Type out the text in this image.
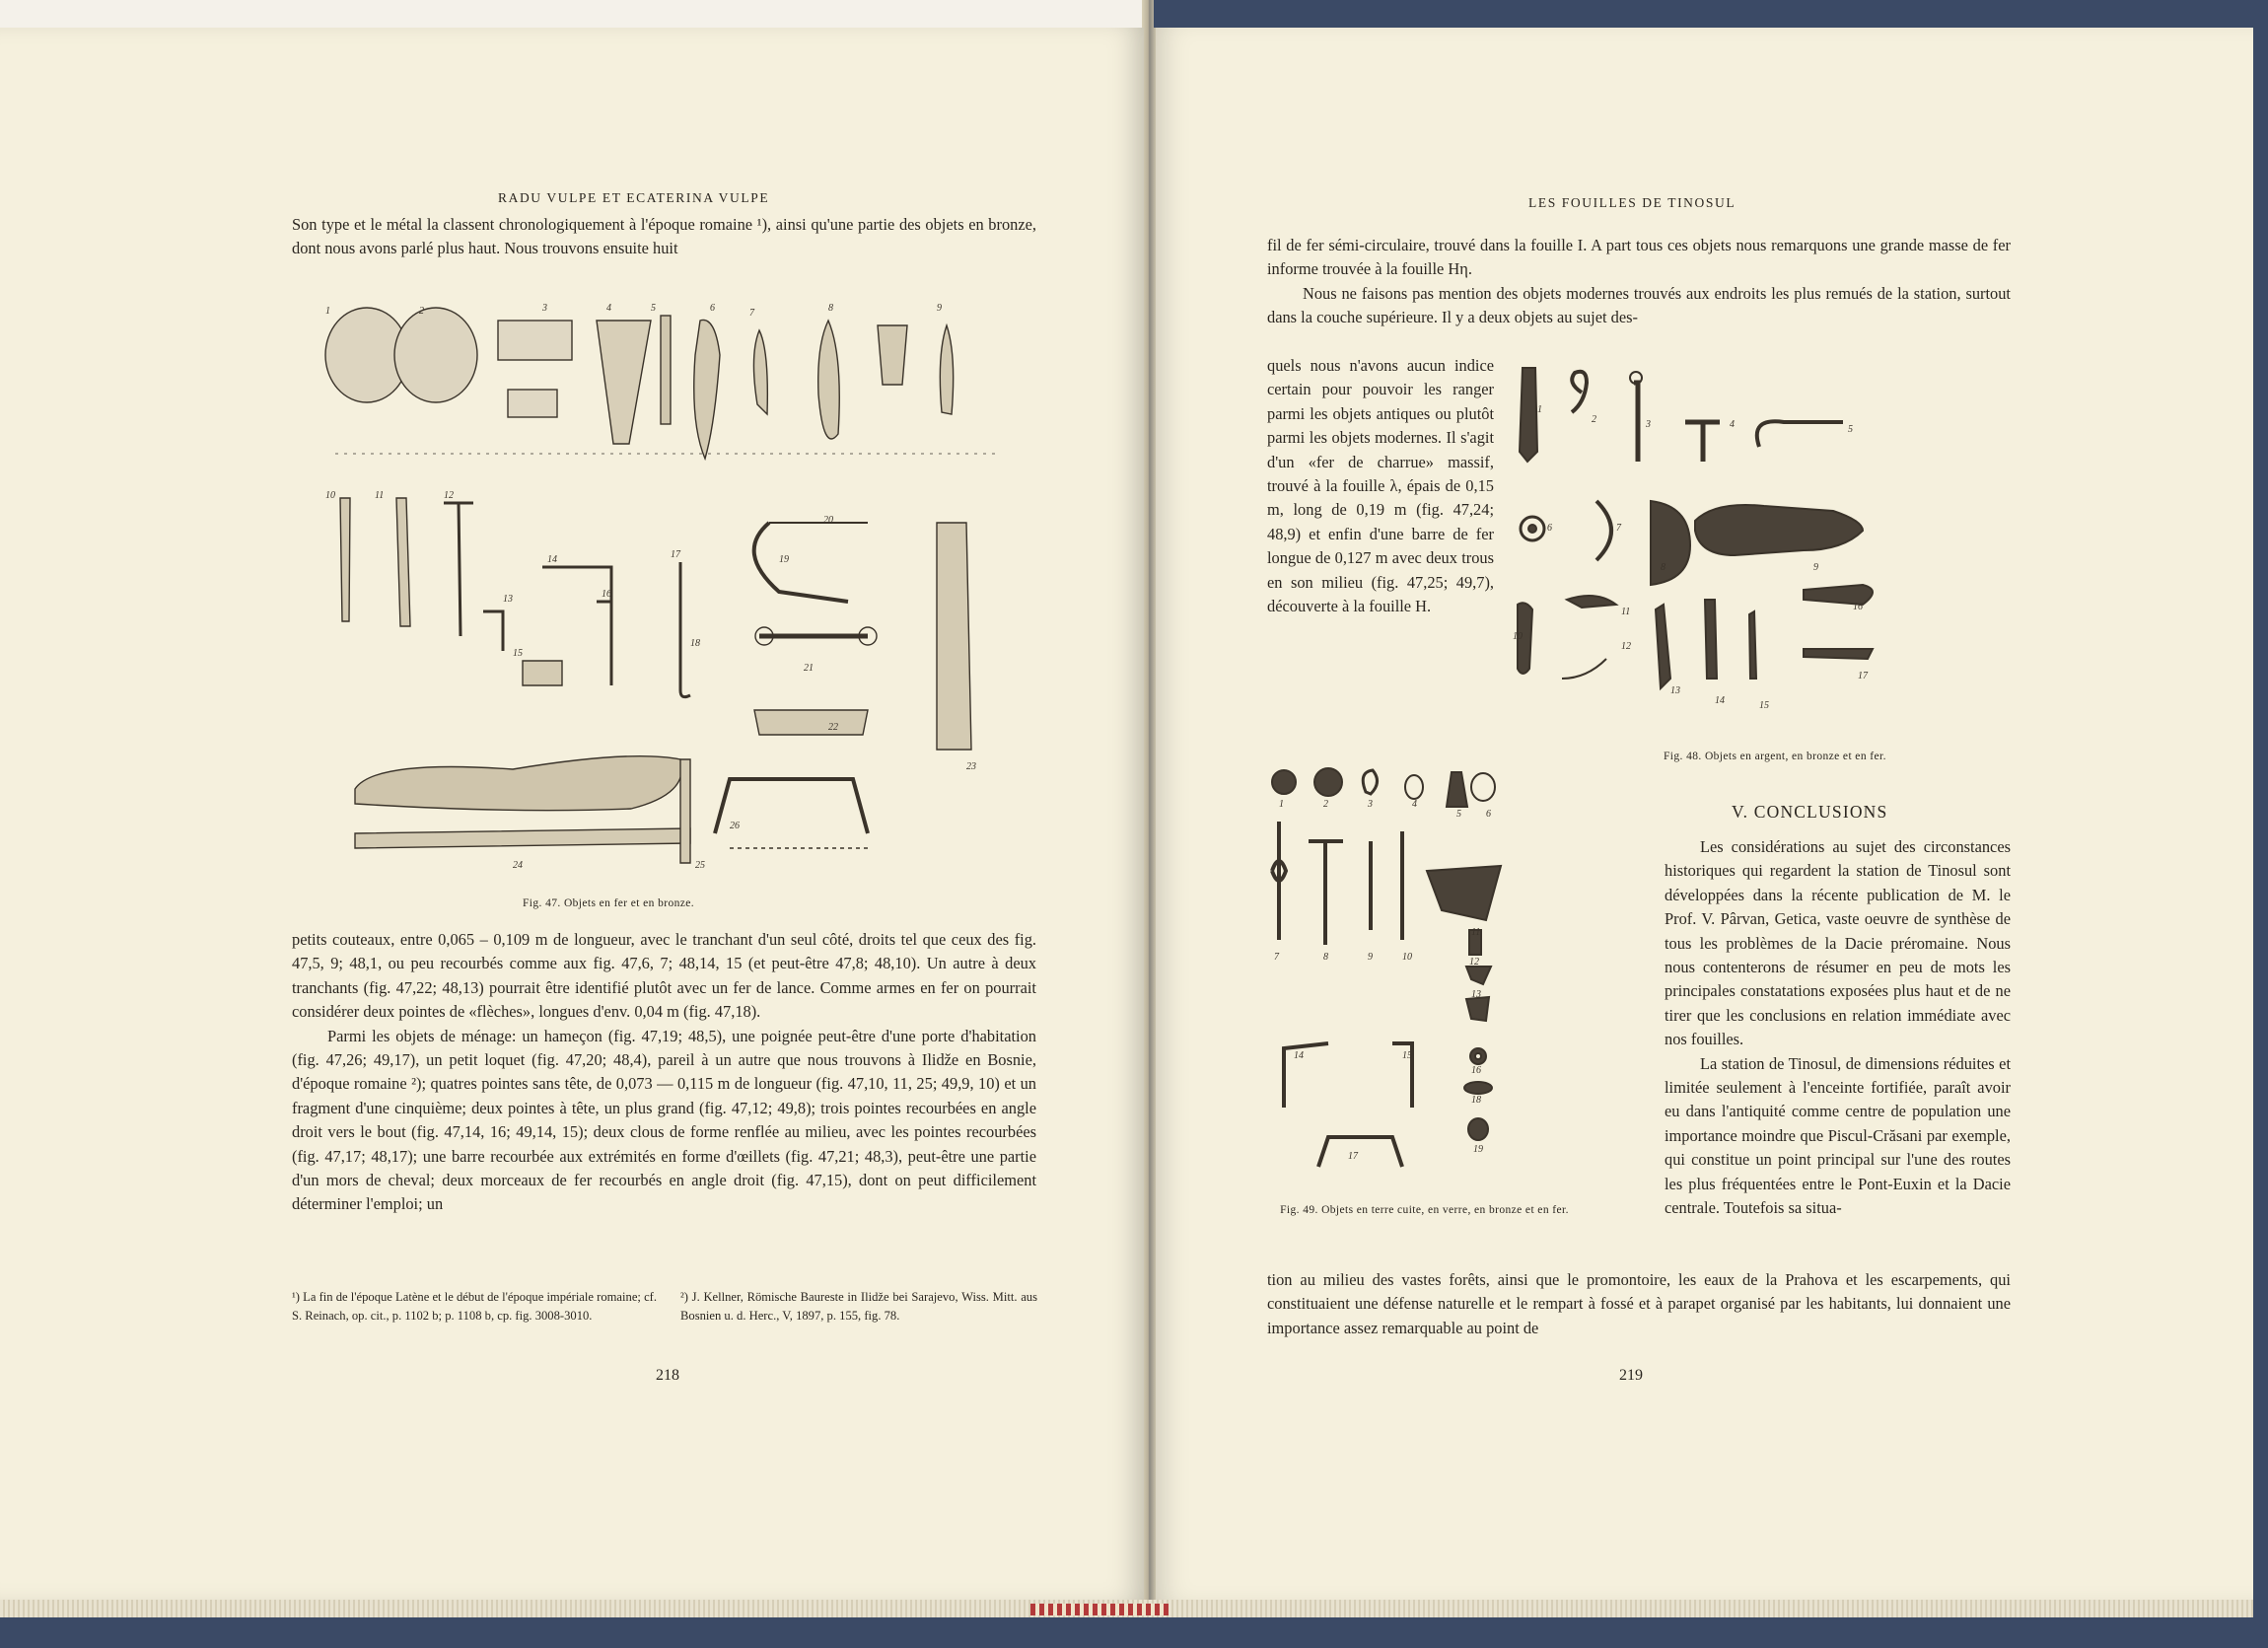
RADU VULPE ET ECATERINA VULPE

Son type et le métal la classent chronologiquement à l'époque romaine ¹), ainsi qu'une partie des objets en bronze, dont nous avons parlé plus haut. Nous trouvons ensuite huit

1	2	3	4	5	6	7	8	9
10	11	12
13
14
15
16
17
18
19
20
21
22
23
24	25
26
Fig. 47. Objets en fer et en bronze.

petits couteaux, entre 0,065 – 0,109 m de longueur, avec le tranchant d'un seul côté, droits tel que ceux des fig. 47,5, 9; 48,1, ou peu recourbés comme aux fig. 47,6, 7; 48,14, 15 (et peut-être 47,8; 48,10). Un autre à deux tranchants (fig. 47,22; 48,13) pourrait être identifié plutôt avec un fer de lance. Comme armes en fer on pourrait considérer deux pointes de «flèches», longues d'env. 0,04 m (fig. 47,18).

Parmi les objets de ménage: un hameçon (fig. 47,19; 48,5), une poignée peut-être d'une porte d'habitation (fig. 47,26; 49,17), un petit loquet (fig. 47,20; 48,4), pareil à un autre que nous trouvons à Ilidže en Bosnie, d'époque romaine ²); quatres pointes sans tête, de 0,073 — 0,115 m de longueur (fig. 47,10, 11, 25; 49,9, 10) et un fragment d'une cinquième; deux pointes à tête, un plus grand (fig. 47,12; 49,8); trois pointes recourbées en angle droit vers le bout (fig. 47,14, 16; 49,14, 15); deux clous de forme renflée au milieu, avec les pointes recourbées (fig. 47,17; 48,17); une barre recourbée aux extrémités en forme d'œillets (fig. 47,21; 48,3), peut-être une partie d'un mors de cheval; deux morceaux de fer recourbés en angle droit (fig. 47,15), dont on peut difficilement déterminer l'emploi; un

¹) La fin de l'époque Latène et le début de l'époque impériale romaine; cf. S. Reinach, op. cit., p. 1102 b; p. 1108 b, cp. fig. 3008-3010.
²) J. Kellner, Römische Baureste in Ilidže bei Sarajevo, Wiss. Mitt. aus Bosnien u. d. Herc., V, 1897, p. 155, fig. 78.
218
LES FOUILLES DE TINOSUL

fil de fer sémi-circulaire, trouvé dans la fouille I. A part tous ces objets nous remarquons une grande masse de fer informe trouvée à la fouille Hη.

Nous ne faisons pas mention des objets modernes trouvés aux endroits les plus remués de la station, surtout dans la couche supérieure. Il y a deux objets au sujet des-

quels nous n'avons aucun indice certain pour pouvoir les ranger parmi les objets antiques ou plutôt parmi les objets modernes. Il s'agit d'un «fer de charrue» massif, trouvé à la fouille λ, épais de 0,15 m, long de 0,19 m (fig. 47,24; 48,9) et enfin d'une barre de fer longue de 0,127 m avec deux trous en son milieu (fig. 47,25; 49,7), découverte à la fouille H.

1
2	3	4	5
6	7
8	9
10
11
12
13
14	15
16
17
Fig. 48. Objets en argent, en bronze et en fer.
1	2	3	4
5	6
7	8	9	10
11
12
13
14	15
16
17
18
19
Fig. 49. Objets en terre cuite, en verre, en bronze et en fer.
V. CONCLUSIONS

Les considérations au sujet des circonstances historiques qui regardent la station de Tinosul sont développées dans la récente publication de M. le Prof. V. Pârvan, Getica, vaste oeuvre de synthèse de tous les problèmes de la Dacie préromaine. Nous nous contenterons de résumer en peu de mots les principales constatations exposées plus haut et de ne tirer que les conclusions en relation immédiate avec nos fouilles.

La station de Tinosul, de dimensions réduites et limitée seulement à l'enceinte fortifiée, paraît avoir eu dans l'antiquité comme centre de population une importance moindre que Piscul-Crăsani par exemple, qui constitue un point principal sur l'une des routes les plus fréquentées entre le Pont-Euxin et la Dacie centrale. Toutefois sa situa-

tion au milieu des vastes forêts, ainsi que le promontoire, les eaux de la Prahova et les escarpements, qui constituaient une défense naturelle et le rempart à fossé et à parapet organisé par les habitants, lui donnaient une importance assez remarquable au point de

219
